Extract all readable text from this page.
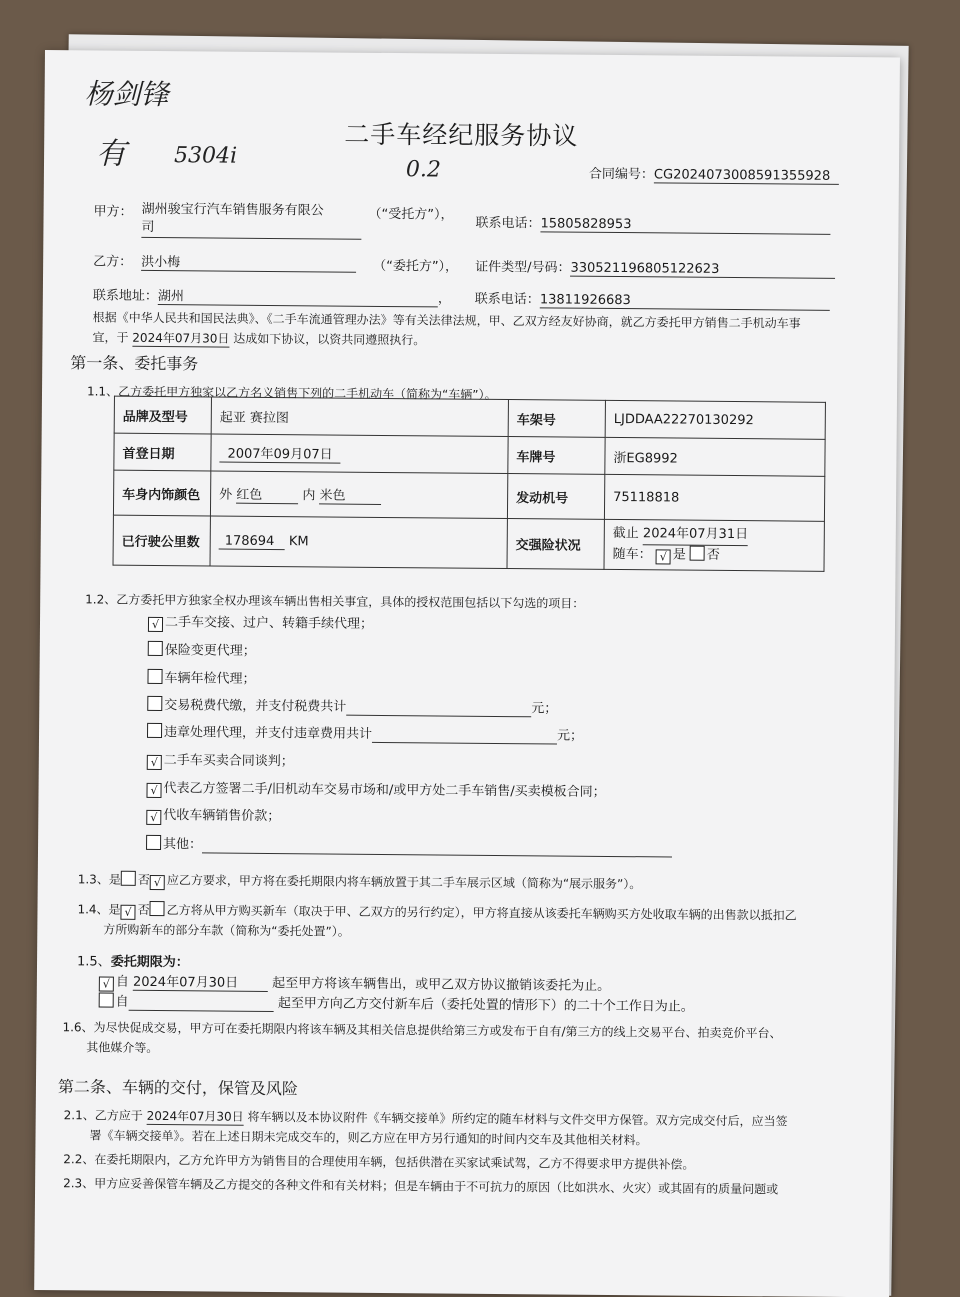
杨剑锋
有 5304i
0.2
二手车经纪服务协议
合同编号：CG2024073008591355928
甲方： 湖州骏宝行汽车销售服务有限公
司
（“受托方”），
联系电话：15805828953
乙方： 洪小梅	（“委托方”）， 证件类型/号码：330521196805122623
联系地址：湖州	， 联系电话：13811926683
根据《中华人民共和国民法典》、《二手车流通管理办法》等有关法律法规，甲、乙双方经友好协商，就乙方委托甲方销售二手机动车事
宜，于 2024年07月30日 达成如下协议，以资共同遵照执行。
第一条、委托事务
1.1、乙方委托甲方独家以乙方名义销售下列的二手机动车（简称为“车辆”）。
品牌及型号	起亚 赛拉图	车架号	LJDDAA22270130292
首登日期	2007年09月07日	车牌号	浙EG8992
车身内饰颜色	外 红色 内 米色	发动机号	75118818
已行驶公里数	178694 KM	交强险状况	截止 2024年07月31日
随车： √ 是 否
1.2、乙方委托甲方独家全权办理该车辆出售相关事宜，具体的授权范围包括以下勾选的项目：
√ 二手车交接、过户、转籍手续代理；
保险变更代理；
车辆年检代理；
交易税费代缴，并支付税费共计	元；
违章处理代理，并支付违章费用共计	元；
√ 二手车买卖合同谈判；
√ 代表乙方签署二手/旧机动车交易市场和/或甲方处二手车销售/买卖模板合同；
√ 代收车辆销售价款；
其他：
1.3、是 否 √ 应乙方要求，甲方将在委托期限内将车辆放置于其二手车展示区域（简称为“展示服务”）。
1.4、是 √ 否 乙方将从甲方购买新车（取决于甲、乙双方的另行约定），甲方将直接从该委托车辆购买方处收取车辆的出售款以抵扣乙
方所购新车的部分车款（简称为“委托处置”）。
1.5、委托期限为：
√ 自 2024年07月30日	起至甲方将该车辆售出，或甲乙双方协议撤销该委托为止。
自	起至甲方向乙方交付新车后（委托处置的情形下）的二十个工作日为止。
1.6、为尽快促成交易，甲方可在委托期限内将该车辆及其相关信息提供给第三方或发布于自有/第三方的线上交易平台、拍卖竞价平台、
其他媒介等。
第二条、车辆的交付，保管及风险
2.1、乙方应于 2024年07月30日 将车辆以及本协议附件《车辆交接单》所约定的随车材料与文件交甲方保管。双方完成交付后，应当签
署《车辆交接单》。若在上述日期未完成交车的，则乙方应在甲方另行通知的时间内交车及其他相关材料。
2.2、在委托期限内，乙方允许甲方为销售目的合理使用车辆，包括供潜在买家试乘试驾，乙方不得要求甲方提供补偿。
2.3、甲方应妥善保管车辆及乙方提交的各种文件和有关材料；但是车辆由于不可抗力的原因（比如洪水、火灾）或其固有的质量问题或
